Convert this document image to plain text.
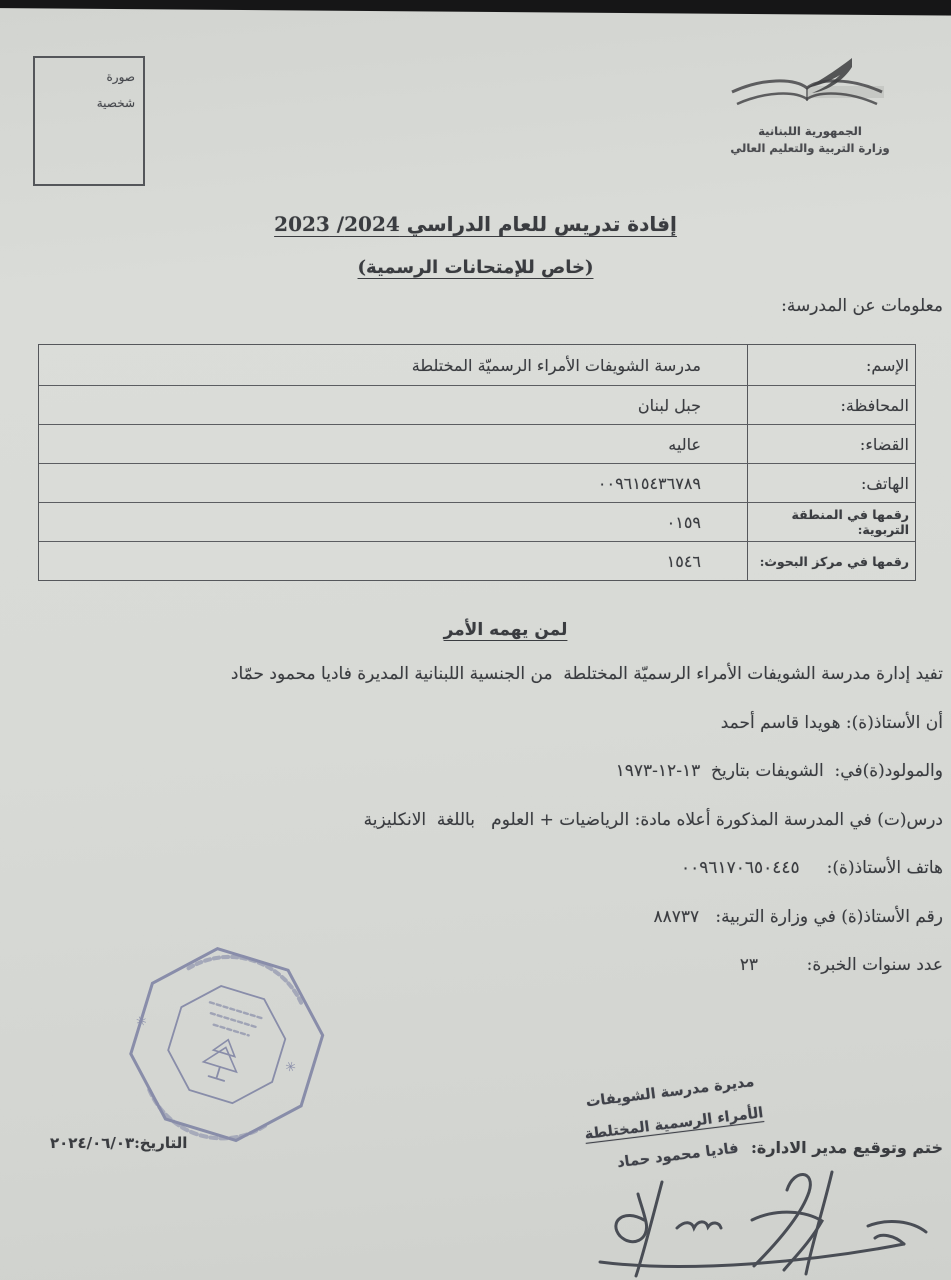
صورة
شخصية
الجمهورية اللبنانية
وزارة التربية والتعليم العالي
إفادة تدريس للعام الدراسي 2024/ 2023
(خاص للإمتحانات الرسمية)
معلومات عن المدرسة:
الإسم:
مدرسة الشويفات الأمراء الرسميّة المختلطة
المحافظة:
جبل لبنان
القضاء:
عاليه
الهاتف:
٠٠٩٦١٥٤٣٦٧٨٩
رقمها في المنطقة التربوية:
٠١٥٩
رقمها في مركز البحوث:
١٥٤٦
لمن يهمه الأمر
تفيد إدارة مدرسة الشويفات الأمراء الرسميّة المختلطة  من الجنسية اللبنانية المديرة فاديا محمود حمّاد
أن الأستاذ(ة): هويدا قاسم أحمد
والمولود(ة)في:  الشويفات بتاريخ  ١٣-١٢-١٩٧٣
درس(ت) في المدرسة المذكورة أعلاه مادة: الرياضيات + العلوم   باللغة  الانكليزية
هاتف الأستاذ(ة):     ٠٠٩٦١٧٠٦٥٠٤٤٥
رقم الأستاذ(ة) في وزارة التربية:   ٨٨٧٣٧
عدد سنوات الخبرة:         ٢٣
✳
✳
التاريخ:٢٠٢٤/٠٦/٠٣	ختم وتوقيع مدير الادارة:
مديرة مدرسة الشويفات
الأمراء الرسمية المختلطة
فاديا محمود حماد
